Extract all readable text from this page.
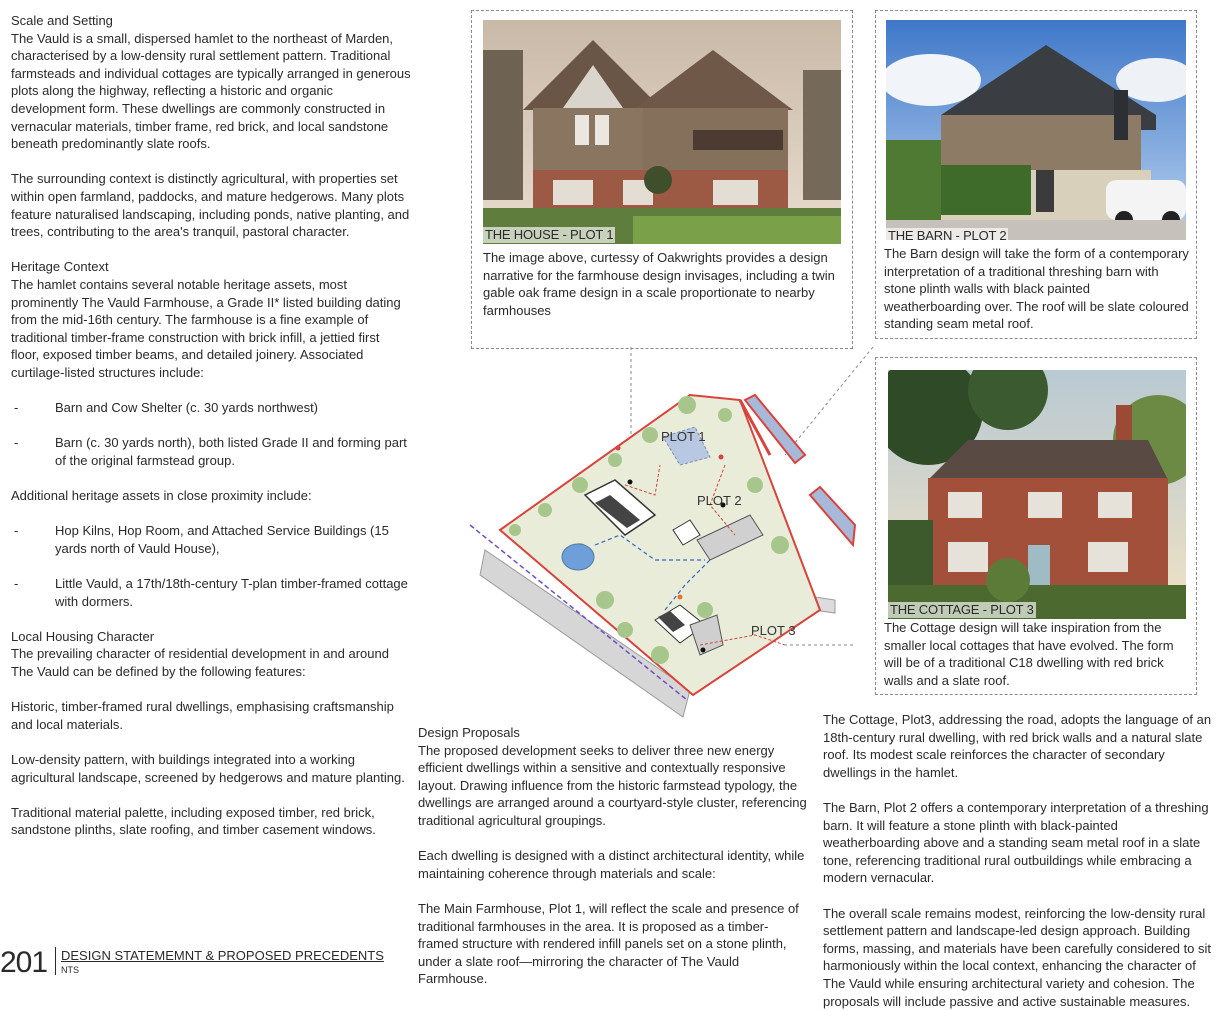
Scale and Setting

The Vauld is a small, dispersed hamlet to the northeast of Marden, characterised by a low-density rural settlement pattern. Traditional farmsteads and individual cottages are typically arranged in generous plots along the highway, reflecting a historic and organic development form. These dwellings are commonly constructed in vernacular materials, timber frame, red brick, and local sandstone beneath predominantly slate roofs.

The surrounding context is distinctly agricultural, with properties set within open farmland, paddocks, and mature hedgerows. Many plots feature naturalised landscaping, including ponds, native planting, and trees, contributing to the area's tranquil, pastoral character.

Heritage Context

The hamlet contains several notable heritage assets, most prominently The Vauld Farmhouse, a Grade II* listed building dating from the mid-16th century. The farmhouse is a fine example of traditional timber-frame construction with brick infill, a jettied first floor, exposed timber beams, and detailed joinery. Associated curtilage-listed structures include:

-	Barn and Cow Shelter (c. 30 yards northwest)
-	Barn (c. 30 yards north), both listed Grade II and forming part of the original farmstead group.

Additional heritage assets in close proximity include:

-	Hop Kilns, Hop Room, and Attached Service Buildings (15 yards north of Vauld House),
-	Little Vauld, a 17th/18th-century T-plan timber-framed cottage with dormers.

Local Housing Character

The prevailing character of residential development in and around The Vauld can be defined by the following features:

Historic, timber-framed rural dwellings, emphasising craftsmanship and local materials.

Low-density pattern, with buildings integrated into a working agricultural landscape, screened by hedgerows and mature planting.

Traditional material palette, including exposed timber, red brick, sandstone plinths, slate roofing, and timber casement windows.

THE HOUSE - PLOT 1
The image above, curtessy of Oakwrights provides a design narrative for the farmhouse design invisages, including a twin gable oak frame design in a scale proportionate to nearby farmhouses
THE BARN - PLOT 2
The Barn design will take the form of a contemporary interpretation of a traditional threshing barn with stone plinth walls with black painted weatherboarding over. The roof will be slate coloured standing seam metal roof.
THE COTTAGE - PLOT 3
The Cottage design will take inspiration from the smaller local cottages that have evolved. The form will be of a traditional C18 dwelling with red brick walls and a slate roof.
PLOT 1
PLOT 2
PLOT 3

Design Proposals

The proposed development seeks to deliver three new energy efficient dwellings within a sensitive and contextually responsive layout. Drawing influence from the historic farmstead typology, the dwellings are arranged around a courtyard-style cluster, referencing traditional agricultural groupings.

Each dwelling is designed with a distinct architectural identity, while maintaining coherence through materials and scale:

The Main Farmhouse, Plot 1, will reflect the scale and presence of traditional farmhouses in the area. It is proposed as a timber-framed structure with rendered infill panels set on a stone plinth, under a slate roof—mirroring the character of The Vauld Farmhouse.

The Cottage, Plot3, addressing the road, adopts the language of an 18th-century rural dwelling, with red brick walls and a natural slate roof. Its modest scale reinforces the character of secondary dwellings in the hamlet.

The Barn, Plot 2 offers a contemporary interpretation of a threshing barn. It will feature a stone plinth with black-painted weatherboarding above and a standing seam metal roof in a slate tone, referencing traditional rural outbuildings while embracing a modern vernacular.

The overall scale remains modest, reinforcing the low-density rural settlement pattern and landscape-led design approach. Building forms, massing, and materials have been carefully considered to sit harmoniously within the local context, enhancing the character of The Vauld while ensuring architectural variety and cohesion. The proposals will include passive and active sustainable measures.

201 DESIGN STATEMEMNT & PROPOSED PRECEDENTS
NTS
